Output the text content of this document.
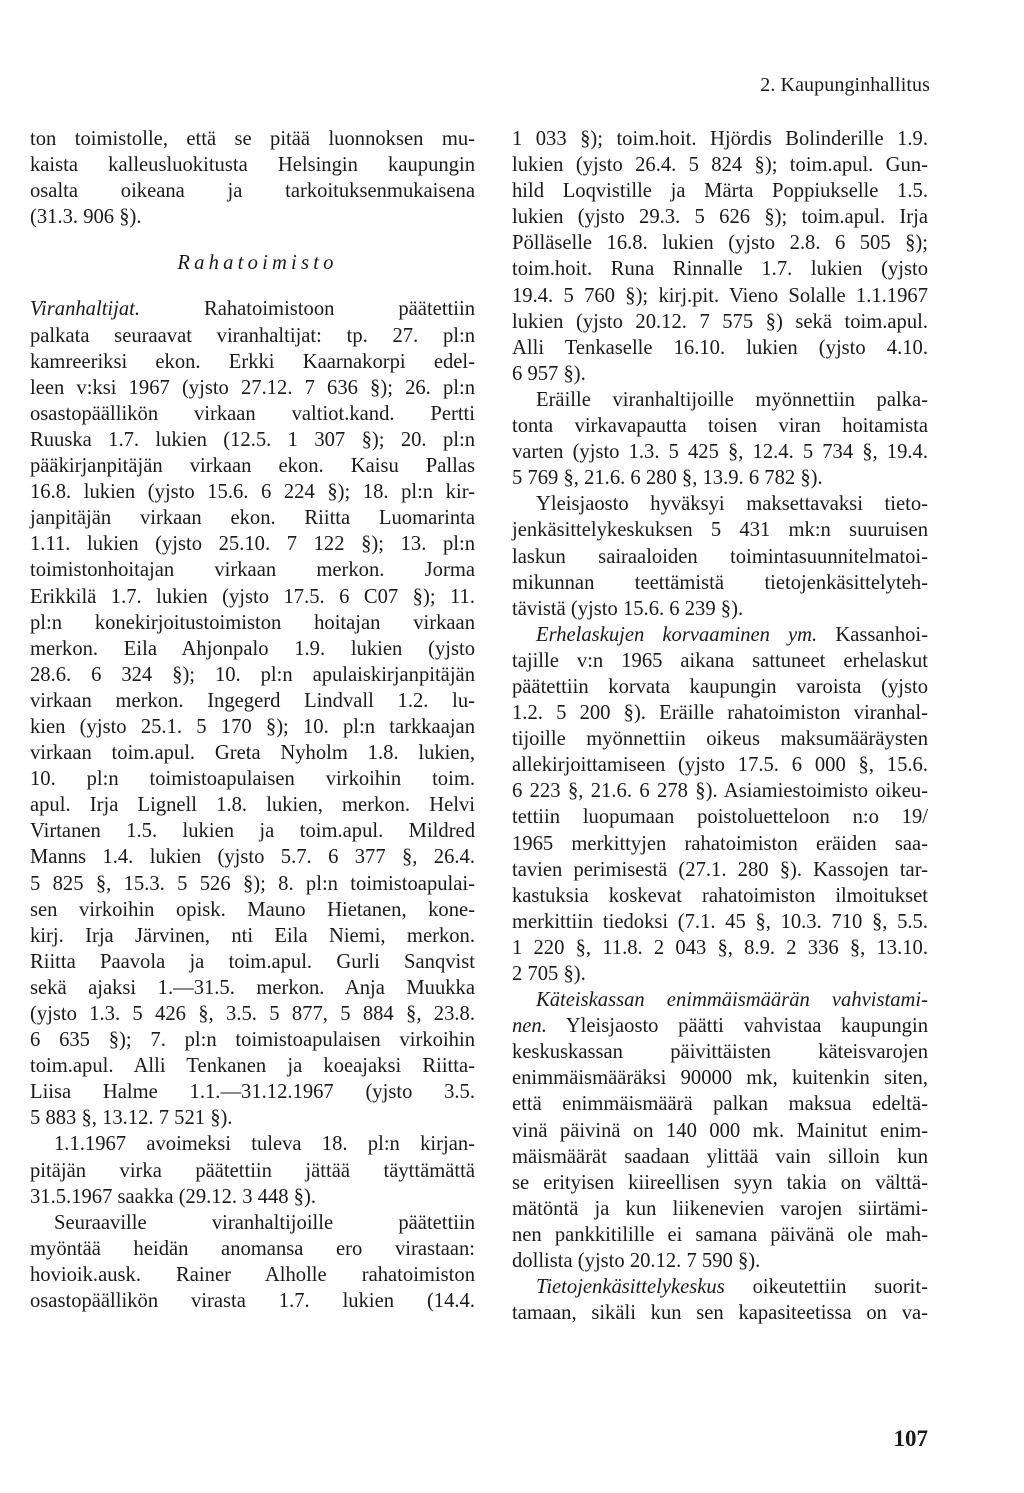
2. Kaupunginhallitus
ton toimistolle, että se pitää luonnoksen mu-
kaista kalleusluokitusta Helsingin kaupungin
osalta oikeana ja tarkoituksenmukaisena
(31.3. 906 §).
Rahatoimisto
Viranhaltijat. Rahatoimistoon päätettiin
palkata seuraavat viranhaltijat: tp. 27. pl:n
kamreeriksi ekon. Erkki Kaarnakorpi edel-
leen v:ksi 1967 (yjsto 27.12. 7 636 §); 26. pl:n
osastopäällikön virkaan valtiot.kand. Pertti
Ruuska 1.7. lukien (12.5. 1 307 §); 20. pl:n
pääkirjanpitäjän virkaan ekon. Kaisu Pallas
16.8. lukien (yjsto 15.6. 6 224 §); 18. pl:n kir-
janpitäjän virkaan ekon. Riitta Luomarinta
1.11. lukien (yjsto 25.10. 7 122 §); 13. pl:n
toimistonhoitajan virkaan merkon. Jorma
Erikkilä 1.7. lukien (yjsto 17.5. 6 C07 §); 11.
pl:n konekirjoitustoimiston hoitajan virkaan
merkon. Eila Ahjonpalo 1.9. lukien (yjsto
28.6. 6 324 §); 10. pl:n apulaiskirjanpitäjän
virkaan merkon. Ingegerd Lindvall 1.2. lu-
kien (yjsto 25.1. 5 170 §); 10. pl:n tarkkaajan
virkaan toim.apul. Greta Nyholm 1.8. lukien,
10. pl:n toimistoapulaisen virkoihin toim.
apul. Irja Lignell 1.8. lukien, merkon. Helvi
Virtanen 1.5. lukien ja toim.apul. Mildred
Manns 1.4. lukien (yjsto 5.7. 6 377 §, 26.4.
5 825 §, 15.3. 5 526 §); 8. pl:n toimistoapulai-
sen virkoihin opisk. Mauno Hietanen, kone-
kirj. Irja Järvinen, nti Eila Niemi, merkon.
Riitta Paavola ja toim.apul. Gurli Sanqvist
sekä ajaksi 1.—31.5. merkon. Anja Muukka
(yjsto 1.3. 5 426 §, 3.5. 5 877, 5 884 §, 23.8.
6 635 §); 7. pl:n toimistoapulaisen virkoihin
toim.apul. Alli Tenkanen ja koeajaksi Riitta-
Liisa Halme 1.1.—31.12.1967 (yjsto 3.5.
5 883 §, 13.12. 7 521 §).
1.1.1967 avoimeksi tuleva 18. pl:n kirjan-
pitäjän virka päätettiin jättää täyttämättä
31.5.1967 saakka (29.12. 3 448 §).
Seuraaville viranhaltijoille päätettiin
myöntää heidän anomansa ero virastaan:
hovioik.ausk. Rainer Alholle rahatoimiston
osastopäällikön virasta 1.7. lukien (14.4.
1 033 §); toim.hoit. Hjördis Bolinderille 1.9.
lukien (yjsto 26.4. 5 824 §); toim.apul. Gun-
hild Loqvistille ja Märta Poppiukselle 1.5.
lukien (yjsto 29.3. 5 626 §); toim.apul. Irja
Pölläselle 16.8. lukien (yjsto 2.8. 6 505 §);
toim.hoit. Runa Rinnalle 1.7. lukien (yjsto
19.4. 5 760 §); kirj.pit. Vieno Solalle 1.1.1967
lukien (yjsto 20.12. 7 575 §) sekä toim.apul.
Alli Tenkaselle 16.10. lukien (yjsto 4.10.
6 957 §).
Eräille viranhaltijoille myönnettiin palka-
tonta virkavapautta toisen viran hoitamista
varten (yjsto 1.3. 5 425 §, 12.4. 5 734 §, 19.4.
5 769 §, 21.6. 6 280 §, 13.9. 6 782 §).
Yleisjaosto hyväksyi maksettavaksi tieto-
jenkäsittelykeskuksen 5 431 mk:n suuruisen
laskun sairaaloiden toimintasuunnitelmatoi-
mikunnan teettämistä tietojenkäsittelyteh-
tävistä (yjsto 15.6. 6 239 §).
Erhelaskujen korvaaminen ym. Kassanhoi-
tajille v:n 1965 aikana sattuneet erhelaskut
päätettiin korvata kaupungin varoista (yjsto
1.2. 5 200 §). Eräille rahatoimiston viranhal-
tijoille myönnettiin oikeus maksumääräysten
allekirjoittamiseen (yjsto 17.5. 6 000 §, 15.6.
6 223 §, 21.6. 6 278 §). Asiamiestoimisto oikeu-
tettiin luopumaan poistoluetteloon n:o 19/
1965 merkittyjen rahatoimiston eräiden saa-
tavien perimisestä (27.1. 280 §). Kassojen tar-
kastuksia koskevat rahatoimiston ilmoitukset
merkittiin tiedoksi (7.1. 45 §, 10.3. 710 §, 5.5.
1 220 §, 11.8. 2 043 §, 8.9. 2 336 §, 13.10.
2 705 §).
Käteiskassan enimmäismäärän vahvistami-
nen. Yleisjaosto päätti vahvistaa kaupungin
keskuskassan päivittäisten käteisvarojen
enimmäismääräksi 90000 mk, kuitenkin siten,
että enimmäismäärä palkan maksua edeltä-
vinä päivinä on 140 000 mk. Mainitut enim-
mäismäärät saadaan ylittää vain silloin kun
se erityisen kiireellisen syyn takia on välttä-
mätöntä ja kun liikenevien varojen siirtämi-
nen pankkitilille ei samana päivänä ole mah-
dollista (yjsto 20.12. 7 590 §).
Tietojenkäsittelykeskus oikeutettiin suorit-
tamaan, sikäli kun sen kapasiteetissa on va-
107
